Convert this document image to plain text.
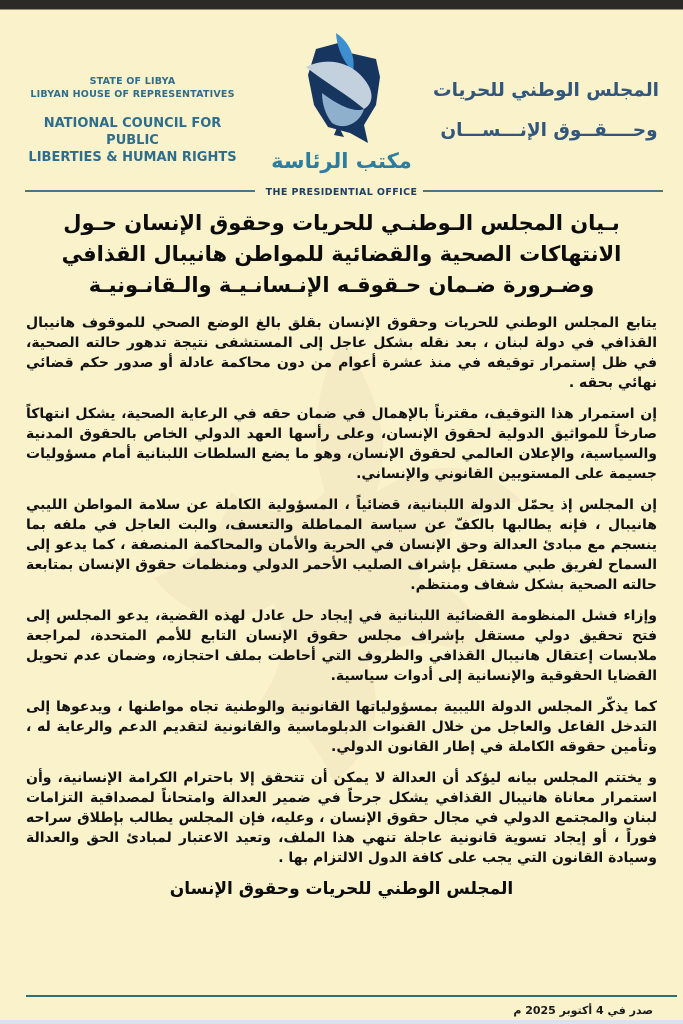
STATE OF LIBYA
LIBYAN HOUSE OF REPRESENTATIVES
NATIONAL COUNCIL FOR PUBLIC
LIBERTIES & HUMAN RIGHTS	مكتب الرئاسة
THE PRESIDENTIAL OFFICE
المجلس الوطني للحريات
وحــــقــوق الإنـــســـان
بـيان المجلس الـوطنـي للحريات وحقوق الإنسان حـول
الانتهاكات الصحية والقضائية للمواطن هانيبال القذافي
وضـرورة ضـمان حـقوقـه الإنـسانـيـة والـقانـونيـة

يتابع المجلس الوطني للحريات وحقوق الإنسان بقلق بالغ الوضع الصحي للموقوف هانيبال القذافي في دولة لبنان ، بعد نقله بشكل عاجل إلى المستشفى نتيجة تدهور حالته الصحية، في ظل إستمرار توقيفه في منذ عشرة أعوام من دون محاكمة عادلة أو صدور حكم قضائي نهائي بحقه .

إن استمرار هذا التوقيف، مقترناً بالإهمال في ضمان حقه في الرعاية الصحية، يشكل انتهاكاً صارخاً للمواثيق الدولية لحقوق الإنسان، وعلى رأسها العهد الدولي الخاص بالحقوق المدنية والسياسية، والإعلان العالمي لحقوق الإنسان، وهو ما يضع السلطات اللبنانية أمام مسؤوليات جسيمة على المستويين القانوني والإنساني.

إن المجلس إذ يحمّل الدولة اللبنانية، قضائياً ، المسؤولية الكاملة عن سلامة المواطن الليبي هانيبال ، فإنه يطالبها بالكفّ عن سياسة المماطلة والتعسف، والبت العاجل في ملفه بما ينسجم مع مبادئ العدالة وحق الإنسان في الحرية والأمان والمحاكمة المنصفة ، كما يدعو إلى السماح لفريق طبي مستقل بإشراف الصليب الأحمر الدولي ومنظمات حقوق الإنسان بمتابعة حالته الصحية بشكل شفاف ومنتظم.

وإزاء فشل المنظومة القضائية اللبنانية في إيجاد حل عادل لهذه القضية، يدعو المجلس إلى فتح تحقيق دولي مستقل بإشراف مجلس حقوق الإنسان التابع للأمم المتحدة، لمراجعة ملابسات إعتقال هانيبال القذافي والظروف التي أحاطت بملف احتجازه، وضمان عدم تحويل القضايا الحقوقية والإنسانية إلى أدوات سياسية.

كما يذكّر المجلس الدولة الليبية بمسؤولياتها القانونية والوطنية تجاه مواطنها ، ويدعوها إلى التدخل الفاعل والعاجل من خلال القنوات الدبلوماسية والقانونية لتقديم الدعم والرعاية له ، وتأمين حقوقه الكاملة في إطار القانون الدولي.

و يختتم المجلس بيانه ليؤكد أن العدالة لا يمكن أن تتحقق إلا باحترام الكرامة الإنسانية، وأن استمرار معاناة هانيبال القذافي يشكل جرحاً في ضمير العدالة وامتحاناً لمصداقية التزامات لبنان والمجتمع الدولي في مجال حقوق الإنسان ، وعليه، فإن المجلس يطالب بإطلاق سراحه فوراً ، أو إيجاد تسوية قانونية عاجلة تنهي هذا الملف، وتعيد الاعتبار لمبادئ الحق والعدالة وسيادة القانون التي يجب على كافة الدول الالتزام بها .

المجلس الوطني للحريات وحقوق الإنسان
صدر في 4 أكتوبر 2025 م
